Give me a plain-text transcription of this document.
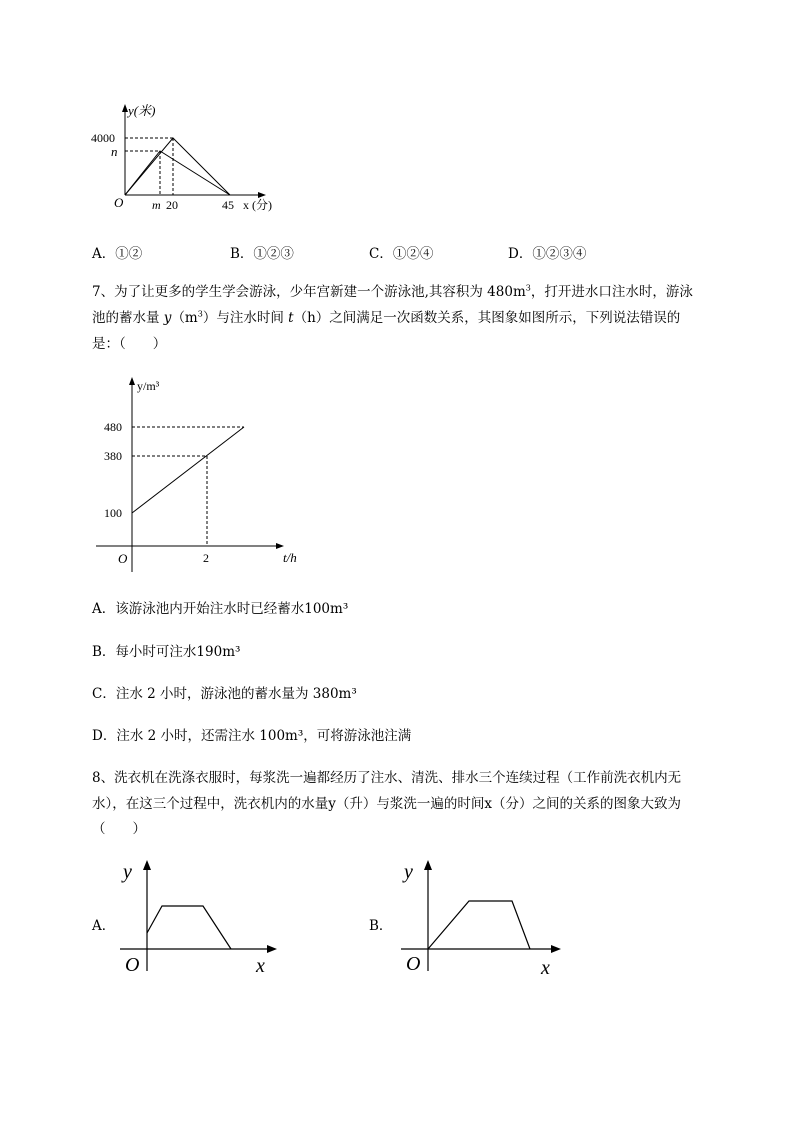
y(米)
4000
n
O m 20	45 x (分)
A．①②	B．①②③	C．①②④	D．①②③④
7、为了让更多的学生学会游泳，少年宫新建一个游泳池,其容积为 $480m^3$，打开进水口注水时，游泳
池的蓄水量 $y(m^3)$与注水时间 t（h）之间满足一次函数关系，其图象如图所示，下列说法错误的
是：（　　）
y/m³
480
380
100
O	2	t/h
A．该游泳池内开始注水时已经蓄水100m³
B．每小时可注水190m³
C．注水 2 小时，游泳池的蓄水量为 380m³
D．注水 2 小时，还需注水 100m³，可将游泳池注满
8、洗衣机在洗涤衣服时，每浆洗一遍都经历了注水、清洗、排水三个连续过程（工作前洗衣机内无
水），在这三个过程中，洗衣机内的水量y（升）与浆洗一遍的时间x（分）之间的关系的图象大致为
（　　）
A．
y
O	x
B．
y
O	x
